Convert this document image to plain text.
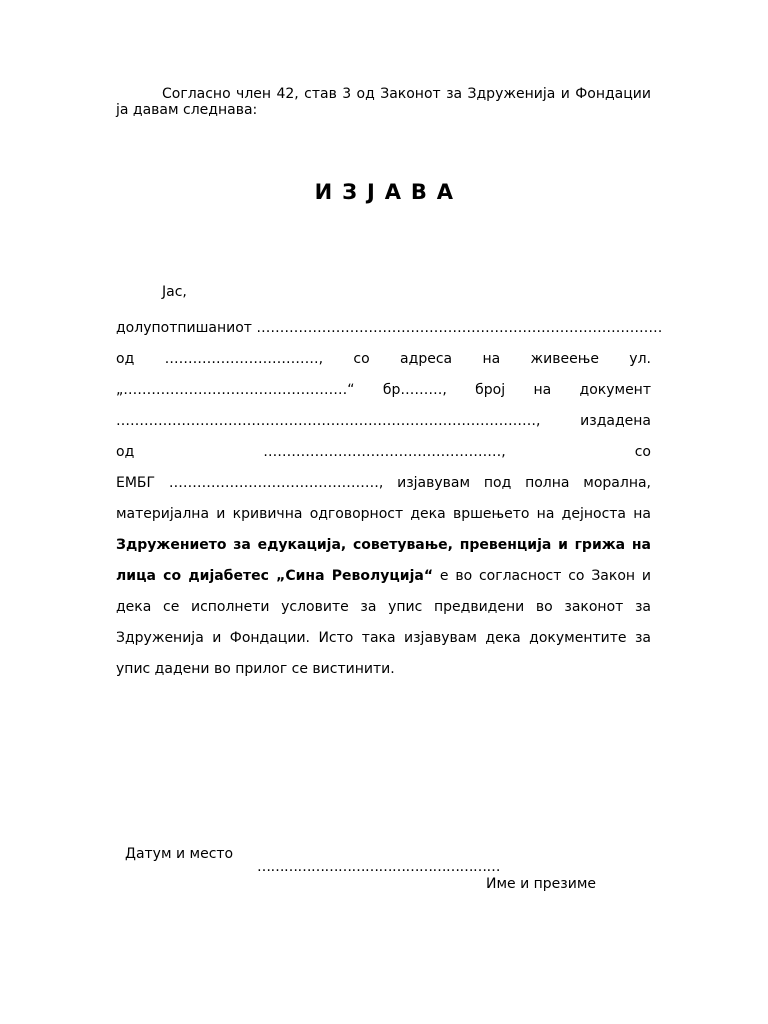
Согласно член 42, став 3 од Законот за Здруженија и Фондации ја давам следнава:

И З Ј А В А

Јас,

долупотпишаниот ……………………………………………………………………………
од ……………………………, со адреса на живеење ул.
„…………………………………………“ бр………, број на документ
………………………………………………………………………………, издадена
од ……………………………………………, со
ЕМБГ ………………………………………, изјавувам под полна морална,
материјална и кривична одговорност дека вршењето на дејноста на
Здружението за едукација, советување, превенција и грижа на
лица со дијабетес „Сина Револуција“ е во согласност со Закон и
дека се исполнети условите за упис предвидени во законот за
Здруженија и Фондации. Исто така изјавувам дека документите за
упис дадени во прилог се вистинити.

Датум и место

………………………………………………

Име и презиме
